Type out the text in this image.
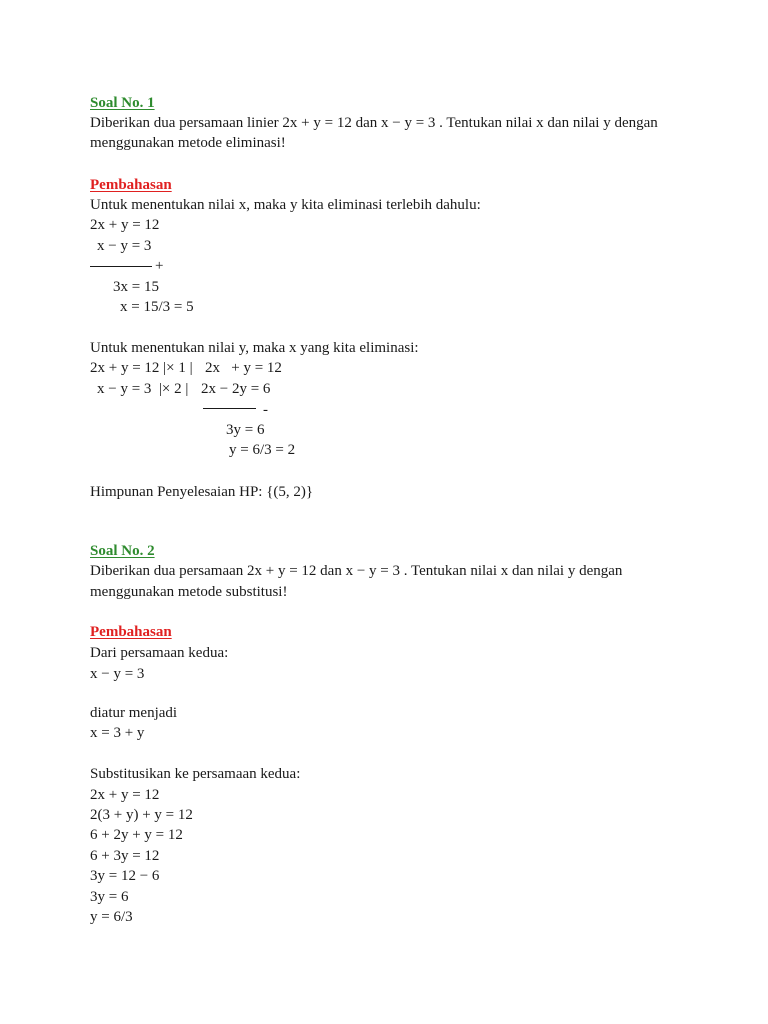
Soal No. 1
Diberikan dua persamaan linier 2x + y = 12 dan x − y = 3 . Tentukan nilai x dan nilai y dengan
menggunakan metode eliminasi!
Pembahasan
Untuk menentukan nilai x, maka y kita eliminasi terlebih dahulu:
2x + y = 12
x − y = 3
+
3x = 15
x = 15/3 = 5
Untuk menentukan nilai y, maka x yang kita eliminasi:
2x + y = 12 |× 1 | 2x   + y = 12
x − y = 3  |× 2 | 2x − 2y = 6
-
3y = 6
y = 6/3 = 2
Himpunan Penyelesaian HP: {(5, 2)}
Soal No. 2
Diberikan dua persamaan 2x + y = 12 dan x − y = 3 . Tentukan nilai x dan nilai y dengan
menggunakan metode substitusi!
Pembahasan
Dari persamaan kedua:
x − y = 3
diatur menjadi
x = 3 + y
Substitusikan ke persamaan kedua:
2x + y = 12
2(3 + y) + y = 12
6 + 2y + y = 12
6 + 3y = 12
3y = 12 − 6
3y = 6
y = 6/3
